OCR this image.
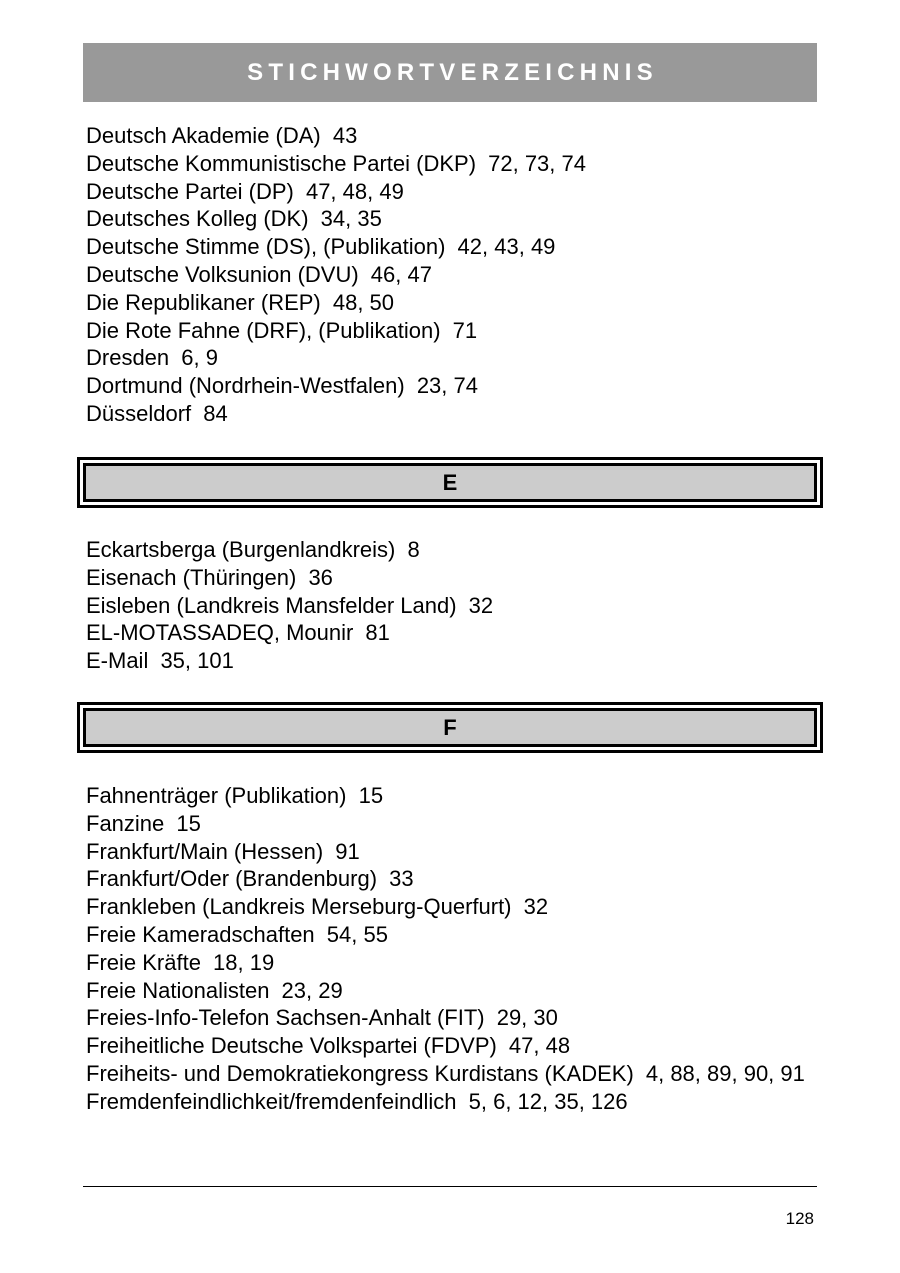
STICHWORTVERZEICHNIS
Deutsch Akademie (DA) 43
Deutsche Kommunistische Partei (DKP) 72, 73, 74
Deutsche Partei (DP) 47, 48, 49
Deutsches Kolleg (DK) 34, 35
Deutsche Stimme (DS), (Publikation) 42, 43, 49
Deutsche Volksunion (DVU) 46, 47
Die Republikaner (REP) 48, 50
Die Rote Fahne (DRF), (Publikation) 71
Dresden 6, 9
Dortmund (Nordrhein-Westfalen) 23, 74
Düsseldorf 84
E
Eckartsberga (Burgenlandkreis) 8
Eisenach (Thüringen) 36
Eisleben (Landkreis Mansfelder Land) 32
EL-MOTASSADEQ, Mounir 81
E-Mail 35, 101
F
Fahnenträger (Publikation) 15
Fanzine 15
Frankfurt/Main (Hessen) 91
Frankfurt/Oder (Brandenburg) 33
Frankleben (Landkreis Merseburg-Querfurt) 32
Freie Kameradschaften 54, 55
Freie Kräfte 18, 19
Freie Nationalisten 23, 29
Freies-Info-Telefon Sachsen-Anhalt (FIT) 29, 30
Freiheitliche Deutsche Volkspartei (FDVP) 47, 48
Freiheits- und Demokratiekongress Kurdistans (KADEK) 4, 88, 89, 90, 91
Fremdenfeindlichkeit/fremdenfeindlich 5, 6, 12, 35, 126
128
